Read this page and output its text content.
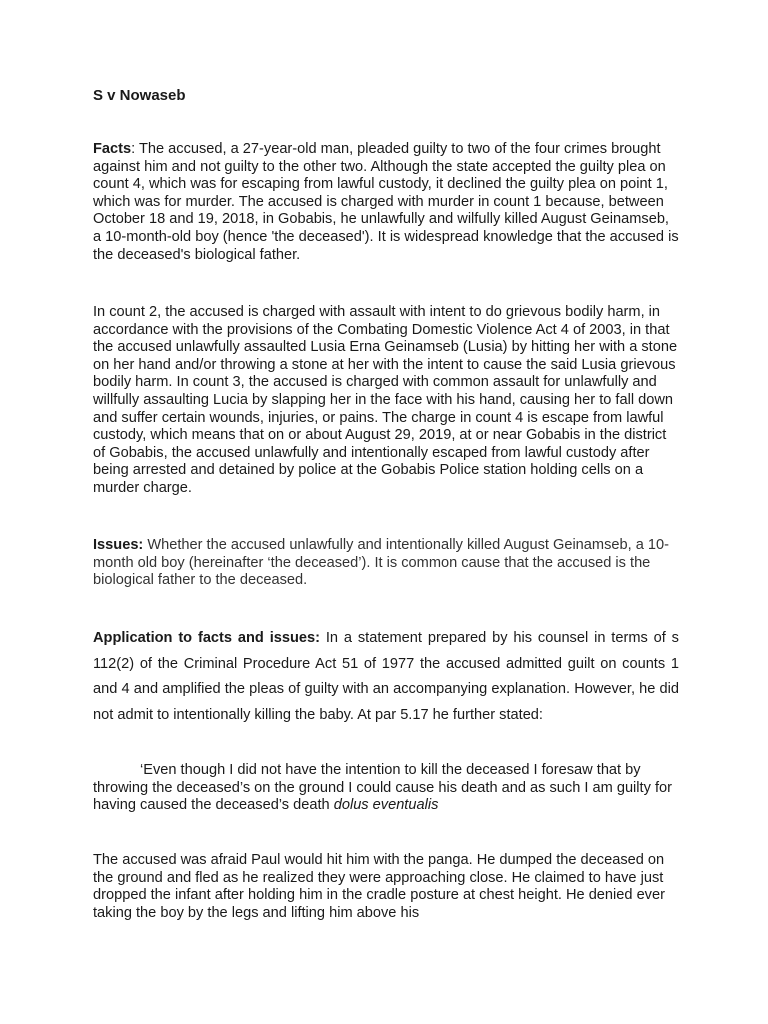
S v Nowaseb

Facts: The accused, a 27-year-old man, pleaded guilty to two of the four crimes brought against him and not guilty to the other two. Although the state accepted the guilty plea on count 4, which was for escaping from lawful custody, it declined the guilty plea on point 1, which was for murder. The accused is charged with murder in count 1 because, between October 18 and 19, 2018, in Gobabis, he unlawfully and wilfully killed August Geinamseb, a 10-month-old boy (hence 'the deceased'). It is widespread knowledge that the accused is the deceased's biological father.

In count 2, the accused is charged with assault with intent to do grievous bodily harm, in accordance with the provisions of the Combating Domestic Violence Act 4 of 2003, in that the accused unlawfully assaulted Lusia Erna Geinamseb (Lusia) by hitting her with a stone on her hand and/or throwing a stone at her with the intent to cause the said Lusia grievous bodily harm. In count 3, the accused is charged with common assault for unlawfully and willfully assaulting Lucia by slapping her in the face with his hand, causing her to fall down and suffer certain wounds, injuries, or pains. The charge in count 4 is escape from lawful custody, which means that on or about August 29, 2019, at or near Gobabis in the district of Gobabis, the accused unlawfully and intentionally escaped from lawful custody after being arrested and detained by police at the Gobabis Police station holding cells on a murder charge.

Issues: Whether the accused unlawfully and intentionally killed August Geinamseb, a 10-month old boy (hereinafter ‘the deceased’). It is common cause that the accused is the biological father to the deceased.

Application to facts and issues: In a statement prepared by his counsel in terms of s 112(2) of the Criminal Procedure Act 51 of 1977 the accused admitted guilt on counts 1 and 4 and amplified the pleas of guilty with an accompanying explanation. However, he did not admit to intentionally killing the baby. At par 5.17 he further stated:

‘Even though I did not have the intention to kill the deceased I foresaw that by throwing the deceased’s on the ground I could cause his death and as such I am guilty for having caused the deceased’s death dolus eventualis

The accused was afraid Paul would hit him with the panga. He dumped the deceased on the ground and fled as he realized they were approaching close. He claimed to have just dropped the infant after holding him in the cradle posture at chest height. He denied ever taking the boy by the legs and lifting him above his
